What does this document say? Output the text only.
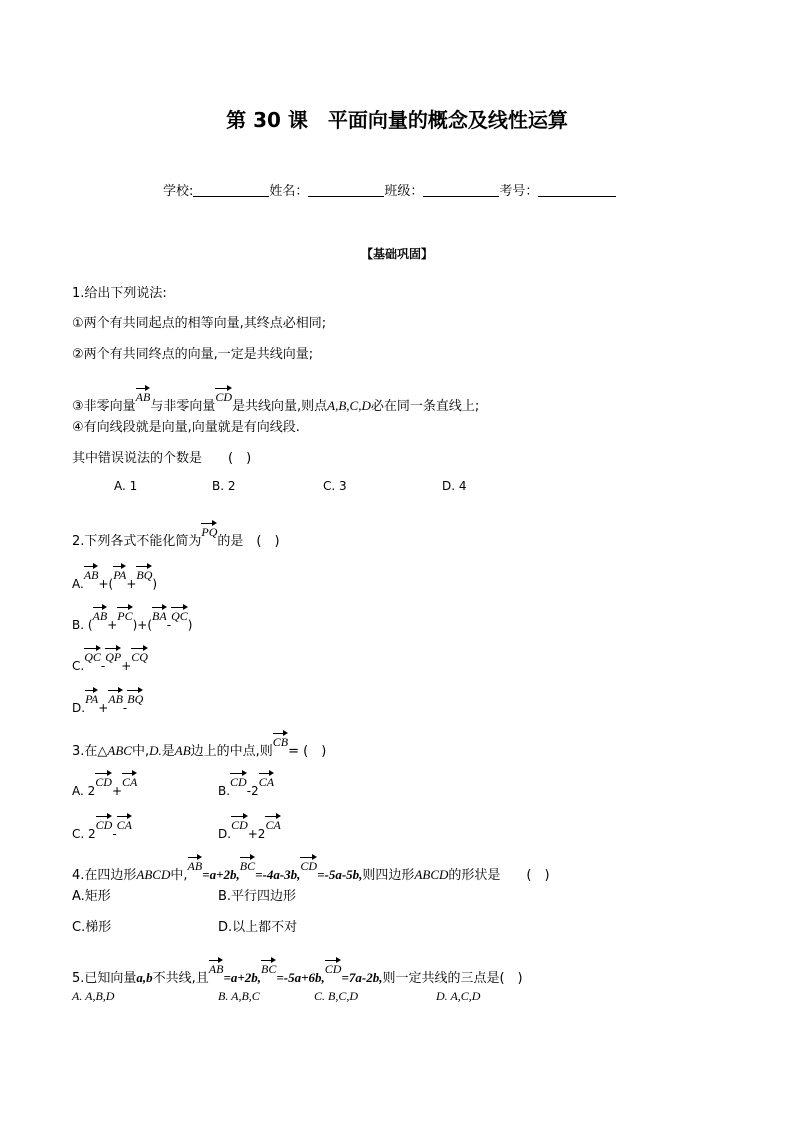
第 30 课　平面向量的概念及线性运算
学校:	姓名：	班级：	考号：
【基础巩固】
1.给出下列说法:
①两个有共同起点的相等向量,其终点必相同;
②两个有共同终点的向量,一定是共线向量;
③非零向量AB与非零向量CD是共线向量,则点A,B,C,D必在同一条直线上;
④有向线段就是向量,向量就是有向线段.
其中错误说法的个数是　　(　)
A. 1	B. 2	C. 3	D. 4
2.下列各式不能化简为PQ的是　(　)
A.AB+(PA+BQ)
B. (AB+PC)+(BA-QC)
C.QC-QP+CQ
D.PA+AB-BQ
3.在△ABC中,D.是AB边上的中点,则CB= (　)
A. 2CD+CA
B.CD-2CA
C. 2CD-CA
D.CD+2CA
4.在四边形ABCD中,AB=a+2b,BC=-4a-3b,CD=-5a-5b,则四边形ABCD的形状是　　(　)
A.矩形	B.平行四边形
C.梯形	D.以上都不对
5.已知向量a,b不共线,且AB=a+2b,BC=-5a+6b,CD=7a-2b,则一定共线的三点是(　)
A. A,B,D	B. A,B,C	C. B,C,D	D. A,C,D
